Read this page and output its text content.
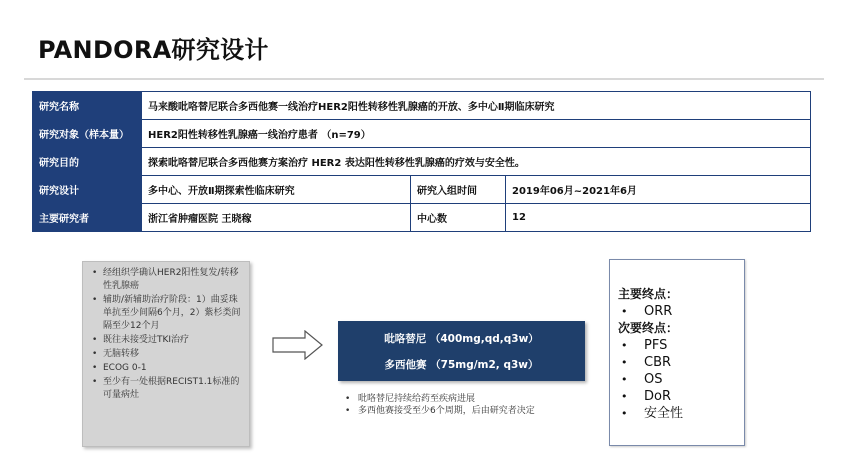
PANDORA研究设计
研究名称	马来酸吡咯替尼联合多西他赛一线治疗HER2阳性转移性乳腺癌的开放、多中心Ⅱ期临床研究		
研究对象（样本量）	HER2阳性转移性乳腺癌一线治疗患者 （n=79）		
研究目的	探索吡咯替尼联合多西他赛方案治疗 HER2 表达阳性转移性乳腺癌的疗效与安全性。		
研究设计	多中心、开放Ⅱ期探索性临床研究	研究入组时间	2019年06月~2021年6月
主要研究者	浙江省肿瘤医院 王晓稼	中心数	12
• 经组织学确认HER2阳性复发/转移性乳腺癌
• 辅助/新辅助治疗阶段：1）曲妥珠单抗至少间隔6个月，2）紫杉类间隔至少12个月
• 既往未接受过TKI治疗
• 无脑转移
• ECOG 0-1
• 至少有一处根据RECIST1.1标准的可量病灶
吡咯替尼 （400mg,qd,q3w）
多西他赛 （75mg/m2, q3w）
• 吡咯替尼持续给药至疾病进展
• 多西他赛接受至少6个周期，后由研究者决定
主要终点：
• ORR
次要终点：
• PFS
• CBR
• OS
• DoR
• 安全性
